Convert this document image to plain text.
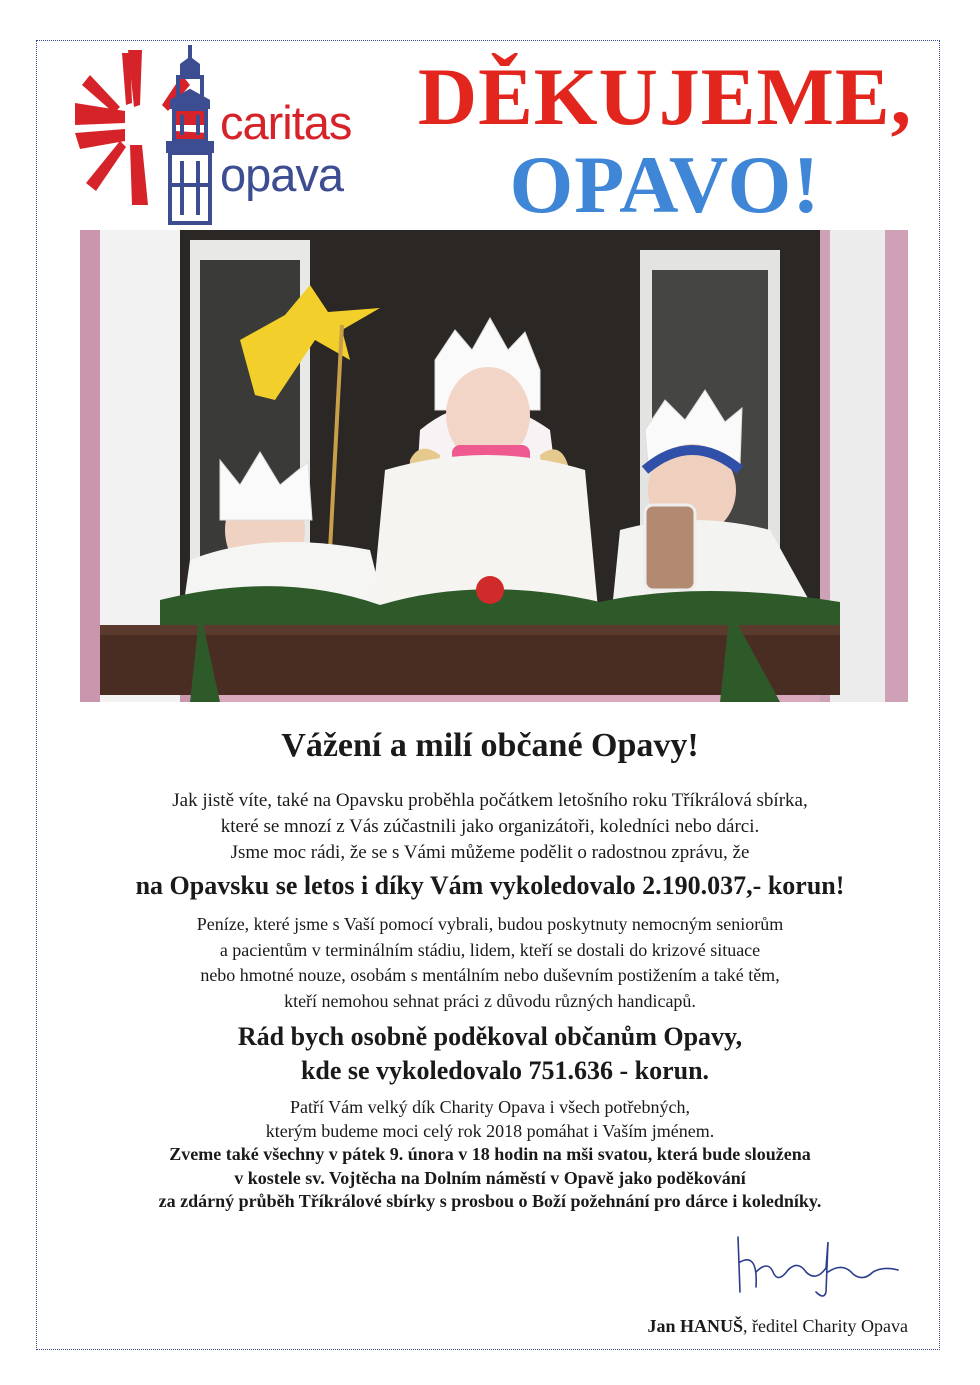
caritas
opava
DĚKUJEME,
OPAVO!
Vážení a milí občané Opavy!
Jak jistě víte, také na Opavsku proběhla počátkem letošního roku Tříkrálová sbírka,
které se mnozí z Vás zúčastnili jako organizátoři, koledníci nebo dárci.
Jsme moc rádi, že se s Vámi můžeme podělit o radostnou zprávu, že
na Opavsku se letos i díky Vám vykoledovalo 2.190.037,- korun!
Peníze, které jsme s Vaší pomocí vybrali, budou poskytnuty nemocným seniorům
a pacientům v terminálním stádiu, lidem, kteří se dostali do krizové situace
nebo hmotné nouze, osobám s mentálním nebo duševním postižením a také těm,
kteří nemohou sehnat práci z důvodu různých handicapů.
Rád bych osobně poděkoval občanům Opavy,
kde se vykoledovalo 751.636 - korun.
Patří Vám velký dík Charity Opava i všech potřebných,
kterým budeme moci celý rok 2018 pomáhat i Vaším jménem.
Zveme také všechny v pátek 9. února v 18 hodin na mši svatou, která bude sloužena
v kostele sv. Vojtěcha na Dolním náměstí v Opavě jako poděkování
za zdárný průběh Tříkrálové sbírky s prosbou o Boží požehnání pro dárce i koledníky.
Jan HANUŠ, ředitel Charity Opava
